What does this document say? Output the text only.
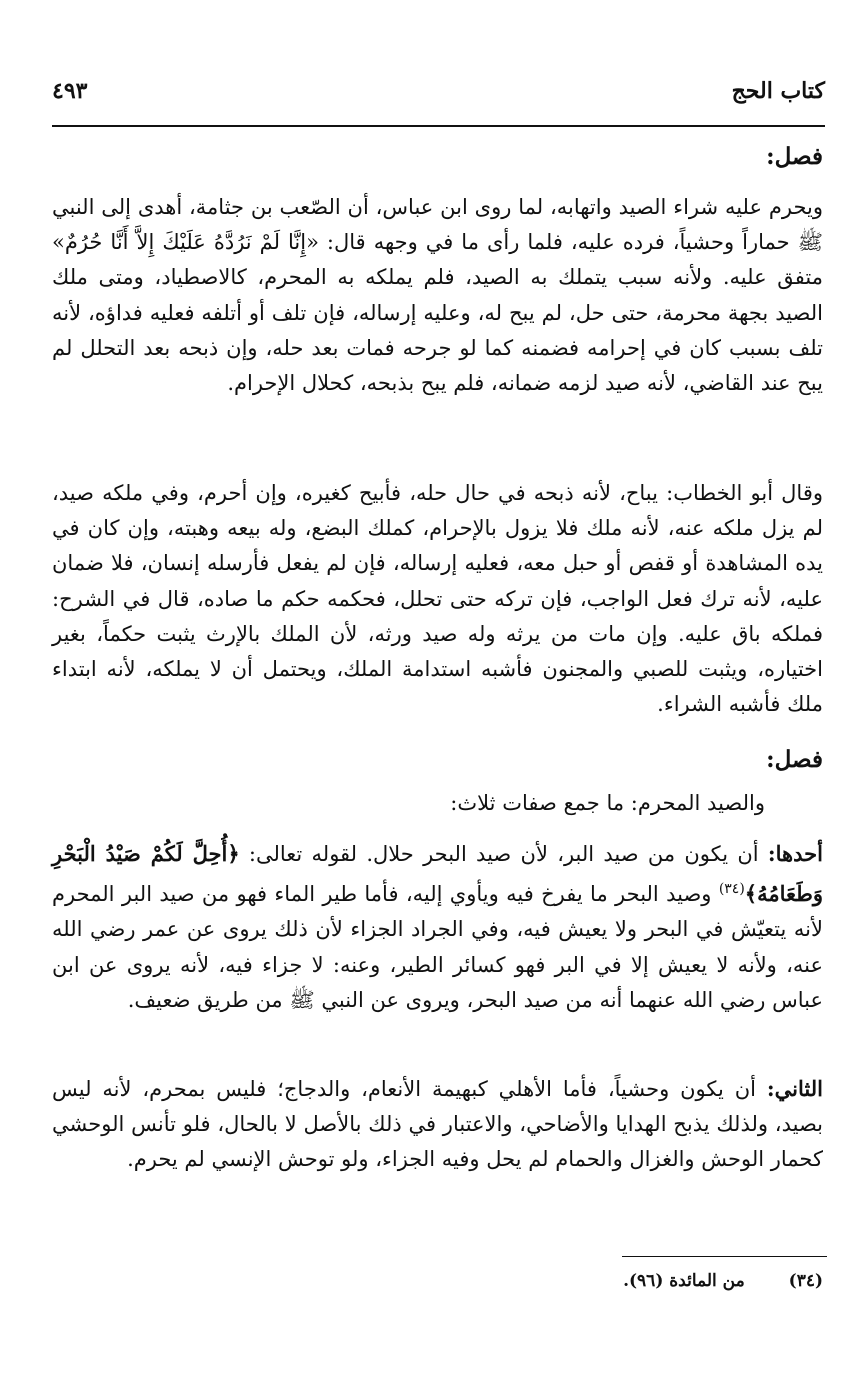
كتاب الحج
٤٩٣
فصل:

ويحرم عليه شراء الصيد واتهابه، لما روى ابن عباس، أن الصّعب بن جثامة، أهدى إلى النبي ﷺ حماراً وحشياً، فرده عليه، فلما رأى ما في وجهه قال: «إِنَّا لَمْ نَرُدَّهُ عَلَيْكَ إِلاَّ أَنَّا حُرُمٌ» متفق عليه. ولأنه سبب يتملك به الصيد، فلم يملكه به المحرم، كالاصطياد، ومتى ملك الصيد بجهة محرمة، حتى حل، لم يبح له، وعليه إرساله، فإن تلف أو أتلفه فعليه فداؤه، لأنه تلف بسبب كان في إحرامه فضمنه كما لو جرحه فمات بعد حله، وإن ذبحه بعد التحلل لم يبح عند القاضي، لأنه صيد لزمه ضمانه، فلم يبح بذبحه، كحلال الإحرام.

وقال أبو الخطاب: يباح، لأنه ذبحه في حال حله، فأبيح كغيره، وإن أحرم، وفي ملكه صيد، لم يزل ملكه عنه، لأنه ملك فلا يزول بالإحرام، كملك البضع، وله بيعه وهبته، وإن كان في يده المشاهدة أو قفص أو حبل معه، فعليه إرساله، فإن لم يفعل فأرسله إنسان، فلا ضمان عليه، لأنه ترك فعل الواجب، فإن تركه حتى تحلل، فحكمه حكم ما صاده، قال في الشرح: فملكه باق عليه. وإن مات من يرثه وله صيد ورثه، لأن الملك بالإرث يثبت حكماً، بغير اختياره، ويثبت للصبي والمجنون فأشبه استدامة الملك، ويحتمل أن لا يملكه، لأنه ابتداء ملك فأشبه الشراء.

فصل:

والصيد المحرم: ما جمع صفات ثلاث:

أحدها: أن يكون من صيد البر، لأن صيد البحر حلال. لقوله تعالى: ﴿أُحِلَّ لَكُمْ صَيْدُ الْبَحْرِ وَطَعَامُهُ﴾$^{(٣٤)}$ وصيد البحر ما يفرخ فيه ويأوي إليه، فأما طير الماء فهو من صيد البر المحرم لأنه يتعيّش في البحر ولا يعيش فيه، وفي الجراد الجزاء لأن ذلك يروى عن عمر رضي الله عنه، ولأنه لا يعيش إلا في البر فهو كسائر الطير، وعنه: لا جزاء فيه، لأنه يروى عن ابن عباس رضي الله عنهما أنه من صيد البحر، ويروى عن النبي ﷺ من طريق ضعيف.

الثاني: أن يكون وحشياً، فأما الأهلي كبهيمة الأنعام، والدجاج؛ فليس بمحرم، لأنه ليس بصيد، ولذلك يذبح الهدايا والأضاحي، والاعتبار في ذلك بالأصل لا بالحال، فلو تأنس الوحشي كحمار الوحش والغزال والحمام لم يحل وفيه الجزاء، ولو توحش الإنسي لم يحرم.

(٣٤) من المائدة (٩٦).
